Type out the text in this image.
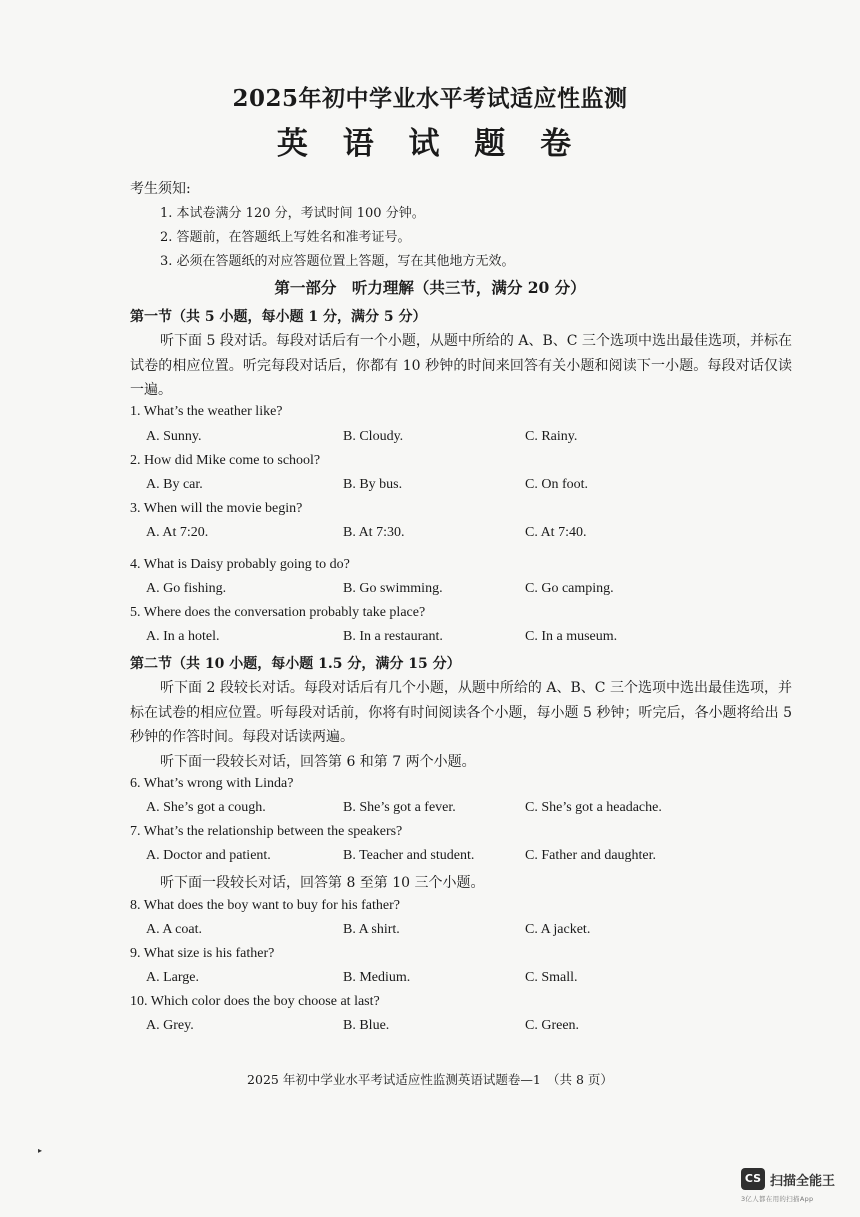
2025年初中学业水平考试适应性监测
英 语 试 题 卷
考生须知:
1. 本试卷满分 120 分，考试时间 100 分钟。
2. 答题前，在答题纸上写姓名和准考证号。
3. 必须在答题纸的对应答题位置上答题，写在其他地方无效。
第一部分　听力理解（共三节，满分 20 分）
第一节（共 5 小题，每小题 1 分，满分 5 分）
听下面 5 段对话。每段对话后有一个小题，从题中所给的 A、B、C 三个选项中选出最佳选项，并标在试卷的相应位置。听完每段对话后，你都有 10 秒钟的时间来回答有关小题和阅读下一小题。每段对话仅读一遍。
1. What’s the weather like?
A. Sunny.	B. Cloudy.	C. Rainy.
2. How did Mike come to school?
A. By car.	B. By bus.	C. On foot.
3. When will the movie begin?
A. At 7:20.	B. At 7:30.	C. At 7:40.
4. What is Daisy probably going to do?
A. Go fishing.	B. Go swimming.	C. Go camping.
5. Where does the conversation probably take place?
A. In a hotel.	B. In a restaurant.	C. In a museum.
第二节（共 10 小题，每小题 1.5 分，满分 15 分）
听下面 2 段较长对话。每段对话后有几个小题，从题中所给的 A、B、C 三个选项中选出最佳选项，并标在试卷的相应位置。听每段对话前，你将有时间阅读各个小题，每小题 5 秒钟；听完后，各小题将给出 5 秒钟的作答时间。每段对话读两遍。
听下面一段较长对话，回答第 6 和第 7 两个小题。
6. What’s wrong with Linda?
A. She’s got a cough.	B. She’s got a fever.	C. She’s got a headache.
7. What’s the relationship between the speakers?
A. Doctor and patient.	B. Teacher and student.	C. Father and daughter.
听下面一段较长对话，回答第 8 至第 10 三个小题。
8. What does the boy want to buy for his father?
A. A coat.	B. A shirt.	C. A jacket.
9. What size is his father?
A. Large.	B. Medium.	C. Small.
10. Which color does the boy choose at last?
A. Grey.	B. Blue.	C. Green.
2025 年初中学业水平考试适应性监测英语试题卷—1　（共 8 页）
▸
CS 扫描全能王
3亿人都在用的扫描App
